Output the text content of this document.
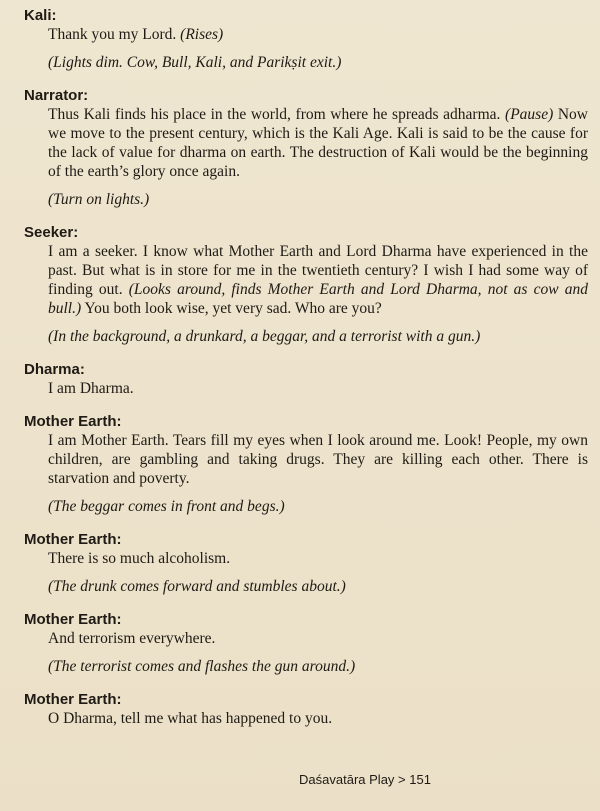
Kali:

Thank you my Lord. (Rises)

(Lights dim. Cow, Bull, Kali, and Parikṣit exit.)

Narrator:

Thus Kali finds his place in the world, from where he spreads adharma. (Pause) Now we move to the present century, which is the Kali Age. Kali is said to be the cause for the lack of value for dharma on earth. The destruction of Kali would be the beginning of the earth’s glory once again.

(Turn on lights.)

Seeker:

I am a seeker. I know what Mother Earth and Lord Dharma have experienced in the past. But what is in store for me in the twentieth century? I wish I had some way of finding out. (Looks around, finds Mother Earth and Lord Dharma, not as cow and bull.) You both look wise, yet very sad. Who are you?

(In the background, a drunkard, a beggar, and a terrorist with a gun.)

Dharma:

I am Dharma.

Mother Earth:

I am Mother Earth. Tears fill my eyes when I look around me. Look! People, my own children, are gambling and taking drugs. They are killing each other. There is starvation and poverty.

(The beggar comes in front and begs.)

Mother Earth:

There is so much alcoholism.

(The drunk comes forward and stumbles about.)

Mother Earth:

And terrorism everywhere.

(The terrorist comes and flashes the gun around.)

Mother Earth:

O Dharma, tell me what has happened to you.

Daśavatāra Play > 151
